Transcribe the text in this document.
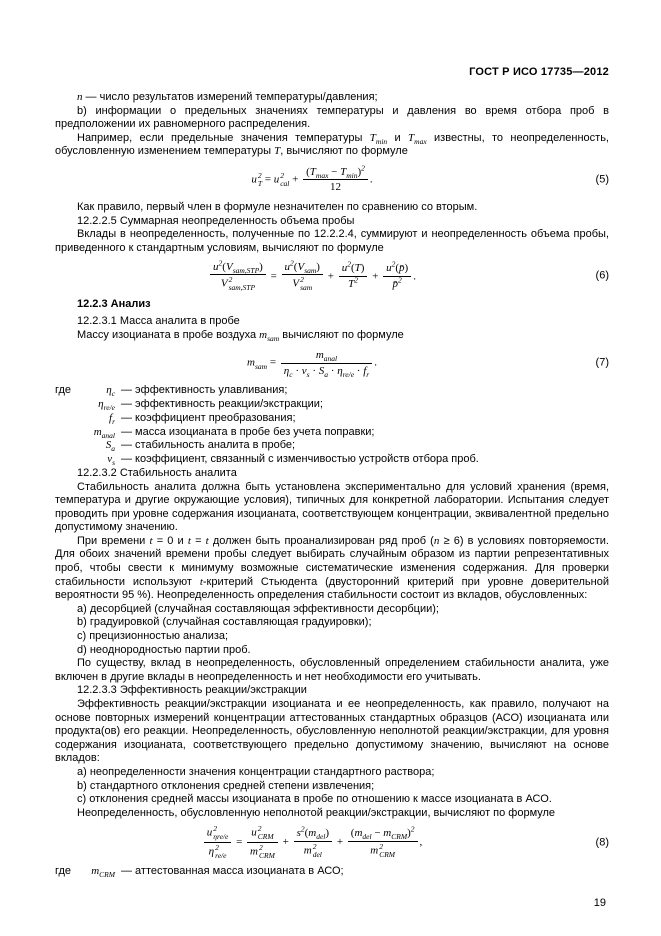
ГОСТ Р ИСО 17735—2012
n — число результатов измерений температуры/давления;
b) информации о предельных значениях температуры и давления во время отбора проб в предположении их равномерного распределения.
Например, если предельные значения температуры $T_{min}$ и $T_{max}$ известны, то неопределенность, обусловленную изменением температуры T, вычисляют по формуле
u 2
T = u 2
cal + $\frac{(T_{max} - T_{min})^2}{12}$ .	(5)
Как правило, первый член в формуле незначителен по сравнению со вторым.
12.2.2.5 Суммарная неопределенность объема пробы
Вклады в неопределенность, полученные по 12.2.2.4, суммируют и неопределенность объема пробы, приведенного к стандартным условиям, вычисляют по формуле
$u^2(V_{sam,STP})$
V 2
$sam,STP = u^2(V_{sam})$
V 2
sam + $\frac{u^2(T)}{T^2} + \frac{u^2(p̄)}{p̄^2}$ .	(6)
12.2.3 Анализ
12.2.3.1 Масса аналита в пробе
Массу изоцианата в пробе воздуха $m_{sam}$ вычисляют по формуле
$m_{sam} = \frac{m_{anal}}{\eta_c \cdot v_s \cdot S_a \cdot \eta_{re/e} \cdot f_r}$ .	(7)
где	$\eta_c$ — эффективность улавливания;
$\eta_{re/e}$ — эффективность реакции/экстракции;
$f_r$ — коэффициент преобразования;
$m_{anal}$ — масса изоцианата в пробе без учета поправки;
$S_a$ — стабильность аналита в пробе;
$v_s$ — коэффициент, связанный с изменчивостью устройств отбора проб.
12.2.3.2 Стабильность аналита
Стабильность аналита должна быть установлена экспериментально для условий хранения (время, температура и другие окружающие условия), типичных для конкретной лаборатории. Испытания следует проводить при уровне содержания изоцианата, соответствующем концентрации, эквивалентной предельно допустимому значению.
При времени t = 0 и t = t должен быть проанализирован ряд проб (n ≥ 6) в условиях повторяемости. Для обоих значений времени пробы следует выбирать случайным образом из партии репрезентативных проб, чтобы свести к минимуму возможные систематические изменения содержания. Для проверки стабильности используют t-критерий Стьюдента (двусторонний критерий при уровне доверительной вероятности 95 %). Неопределенность определения стабильности состоит из вкладов, обусловленных:
a) десорбцией (случайная составляющая эффективности десорбции);
b) градуировкой (случайная составляющая градуировки);
c) прецизионностью анализа;
d) неоднородностью партии проб.
По существу, вклад в неопределенность, обусловленный определением стабильности аналита, уже включен в другие вклады в неопределенность и нет необходимости его учитывать.
12.2.3.3 Эффективность реакции/экстракции
Эффективность реакции/экстракции изоцианата и ее неопределенность, как правило, получают на основе повторных измерений концентрации аттестованных стандартных образцов (АСО) изоцианата или продукта(ов) его реакции. Неопределенность, обусловленную неполнотой реакции/экстракции, для уровня содержания изоцианата, соответствующего предельно допустимому значению, вычисляют на основе вкладов:
a) неопределенности значения концентрации стандартного раствора;
b) стандартного отклонения средней степени извлечения;
c) отклонения средней массы изоцианата в пробе по отношению к массе изоцианата в АСО.
Неопределенность, обусловленную неполнотой реакции/экстракции, вычисляют по формуле
u 2
ηre/e
η 2
re/e = u 2
CRM
m 2
CRM + $s^2(m_{del})$
m 2
del + $(m_{del} - m_{CRM})^2$
m 2
CRM ,	(8)
где	$m_{CRM}$ — аттестованная масса изоцианата в АСО;
19
